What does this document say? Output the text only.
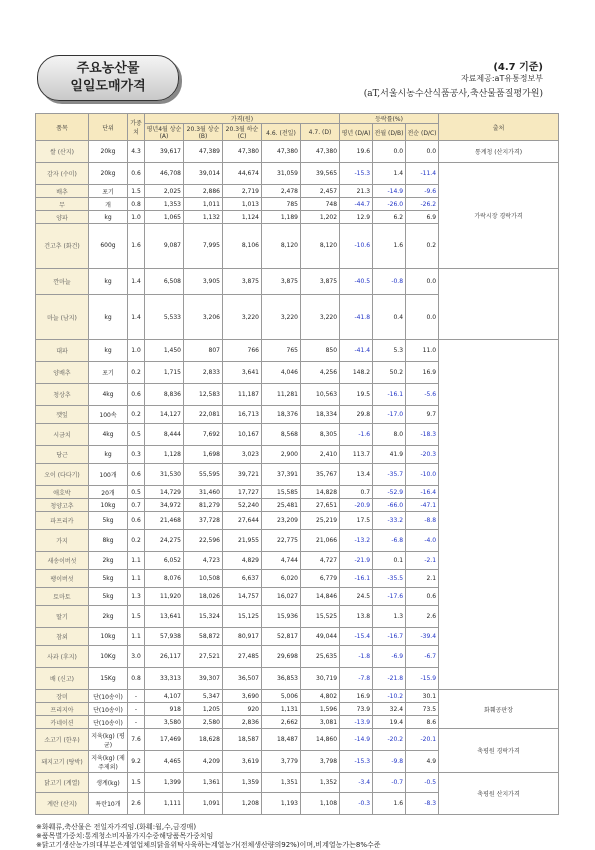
주요농산물
일일도매가격
(4.7 기준)
자료제공:aT유통정보부
(aT,서울시농수산식품공사,축산물품질평가원)
품목	단위	가중치	가격(원)					등락률(%)			출처	
			평년4월 상순(A)	20.3월 상순(B)	20.3월 하순(C)	4.6. (전일)	4.7. (D)	평년 (D/A)	전월 (D/B)	전순 (D/C)		
쌀 (산지)	20kg	4.3	39,617	47,389	47,380	47,380	47,380	19.6	0.0	0.0	통계청 (산지가격)	
감자 (수미)	20kg	0.6	46,708	39,014	44,674	31,059	39,565	-15.3	1.4	-11.4	가락시장 경락가격	
배추	포기	1.5	2,025	2,886	2,719	2,478	2,457	21.3	-14.9	-9.6		
무	개	0.8	1,353	1,011	1,013	785	748	-44.7	-26.0	-26.2		
양파	kg	1.0	1,065	1,132	1,124	1,189	1,202	12.9	6.2	6.9		
건고추 (화건)	600g	1.6	9,087	7,995	8,106	8,120	8,120	-10.6	1.6	0.2	
깐마늘	kg	1.4	6,508	3,905	3,875	3,875	3,875	-40.5	-0.8	0.0		
마늘 (남지)	kg	1.4	5,533	3,206	3,220	3,220	3,220	-41.8	0.4	0.0		
대파	kg	1.0	1,450	807	766	765	850	-41.4	5.3	11.0		
양배추	포기	0.2	1,715	2,833	3,641	4,046	4,256	148.2	50.2	16.9		
청상추	4kg	0.6	8,836	12,583	11,187	11,281	10,563	19.5	-16.1	-5.6		
깻잎	100속	0.2	14,127	22,081	16,713	18,376	18,334	29.8	-17.0	9.7		
시금치	4kg	0.5	8,444	7,692	10,167	8,568	8,305	-1.6	8.0	-18.3		
당근	kg	0.3	1,128	1,698	3,023	2,900	2,410	113.7	41.9	-20.3		
오이 (다다기)	100개	0.6	31,530	55,595	39,721	37,391	35,767	13.4	-35.7	-10.0		
애호박	20개	0.5	14,729	31,460	17,727	15,585	14,828	0.7	-52.9	-16.4		
청양고추	10kg	0.7	34,972	81,279	52,240	25,481	27,651	-20.9	-66.0	-47.1		
파프리카	5kg	0.6	21,468	37,728	27,644	23,209	25,219	17.5	-33.2	-8.8		
가지	8kg	0.2	24,275	22,596	21,955	22,775	21,066	-13.2	-6.8	-4.0		
새송이버섯	2kg	1.1	6,052	4,723	4,829	4,744	4,727	-21.9	0.1	-2.1		
팽이버섯	5kg	1.1	8,076	10,508	6,637	6,020	6,779	-16.1	-35.5	2.1		
토마토	5kg	1.3	11,920	18,026	14,757	16,027	14,846	24.5	-17.6	0.6		
딸기	2kg	1.5	13,641	15,324	15,125	15,936	15,525	13.8	1.3	2.6		
참외	10kg	1.1	57,938	58,872	80,917	52,817	49,044	-15.4	-16.7	-39.4		
사과 (후지)	10Kg	3.0	26,117	27,521	27,485	29,698	25,635	-1.8	-6.9	-6.7		
배 (신고)	15Kg	0.8	33,313	39,307	36,507	36,853	30,719	-7.8	-21.8	-15.9		
장미	단(10송이)	-	4,107	5,347	3,690	5,006	4,802	16.9	-10.2	30.1	화훼공판장	
프리지아	단(10송이)	-	918	1,205	920	1,131	1,596	73.9	32.4	73.5		
카네이션	단(10송이)	-	3,580	2,580	2,836	2,662	3,081	-13.9	19.4	8.6		
소고기 (한우)	지육(kg) (평균)	7.6	17,469	18,628	18,587	18,487	14,860	-14.9	-20.2	-20.1	축평원 경락가격	
돼지고기 (탕박)	지육(kg) (제주제외)	9.2	4,465	4,209	3,619	3,779	3,798	-15.3	-9.8	4.9		
닭고기 (계열)	생계(kg)	1.5	1,399	1,361	1,359	1,351	1,352	-3.4	-0.7	-0.5	축평원 산지가격	
계란 (산지)	특란10개	2.6	1,111	1,091	1,208	1,193	1,108	-0.3	1.6	-8.3		
※화훼류,축산물은 전일자가격임.(화훼:월,수,금경매)
※품목별가중치:통계청소비자물가지수중해당품목가중치임
※닭고기생산농가의대부분은계열업체의닭을위탁사육하는계열농가(전체생산량의92%)이며,비계열농가는8%수준
